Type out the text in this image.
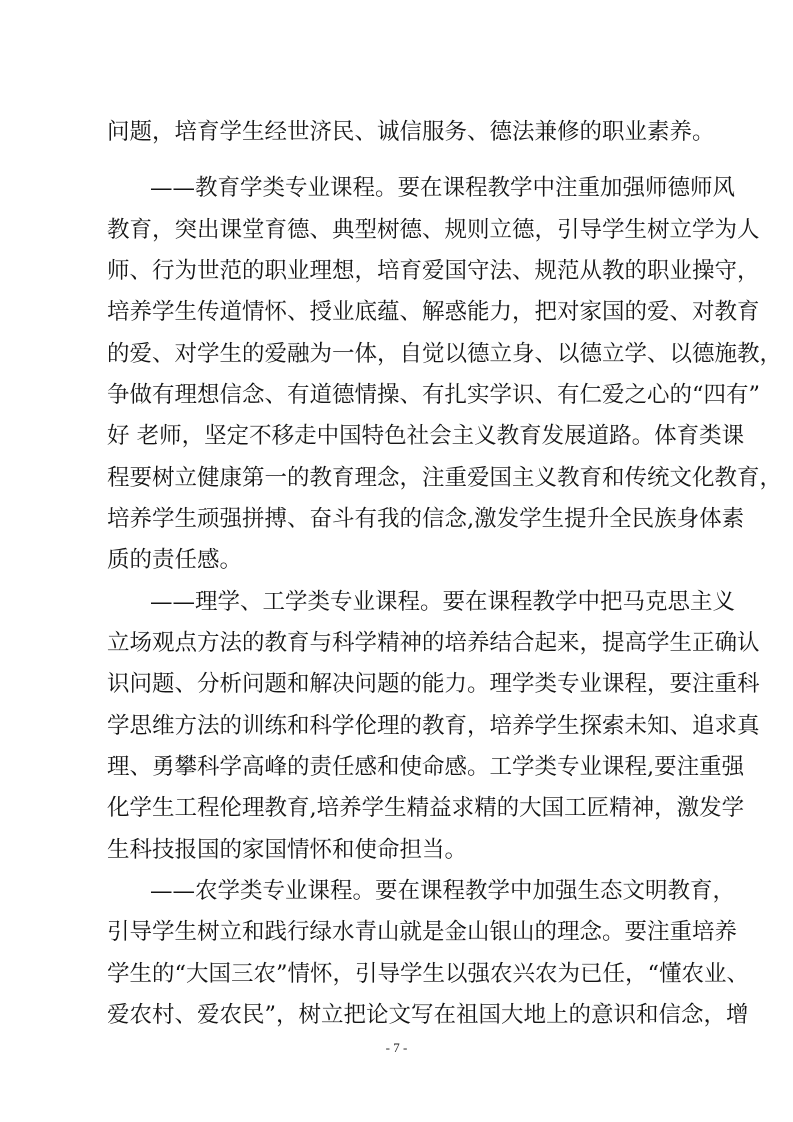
问题，培育学生经世济民、诚信服务、德法兼修的职业素养。
——教育学类专业课程。要在课程教学中注重加强师德师风
教育，突出课堂育德、典型树德、规则立德，引导学生树立学为人
师、行为世范的职业理想，培育爱国守法、规范从教的职业操守，
培养学生传道情怀、授业底蕴、解惑能力，把对家国的爱、对教育
的爱、对学生的爱融为一体，自觉以德立身、以德立学、以德施教，
争做有理想信念、有道德情操、有扎实学识、有仁爱之心的“四有”
好 老师，坚定不移走中国特色社会主义教育发展道路。体育类课
程要树立健康第一的教育理念，注重爱国主义教育和传统文化教育，
培养学生顽强拼搏、奋斗有我的信念,激发学生提升全民族身体素
质的责任感。
——理学、工学类专业课程。要在课程教学中把马克思主义
立场观点方法的教育与科学精神的培养结合起来，提高学生正确认
识问题、分析问题和解决问题的能力。理学类专业课程，要注重科
学思维方法的训练和科学伦理的教育，培养学生探索未知、追求真
理、勇攀科学高峰的责任感和使命感。工学类专业课程,要注重强
化学生工程伦理教育,培养学生精益求精的大国工匠精神，激发学
生科技报国的家国情怀和使命担当。
——农学类专业课程。要在课程教学中加强生态文明教育，
引导学生树立和践行绿水青山就是金山银山的理念。要注重培养
学生的“大国三农”情怀，引导学生以强农兴农为已任，“懂农业、
爱农村、爱农民”，树立把论文写在祖国大地上的意识和信念，增
- 7 -
